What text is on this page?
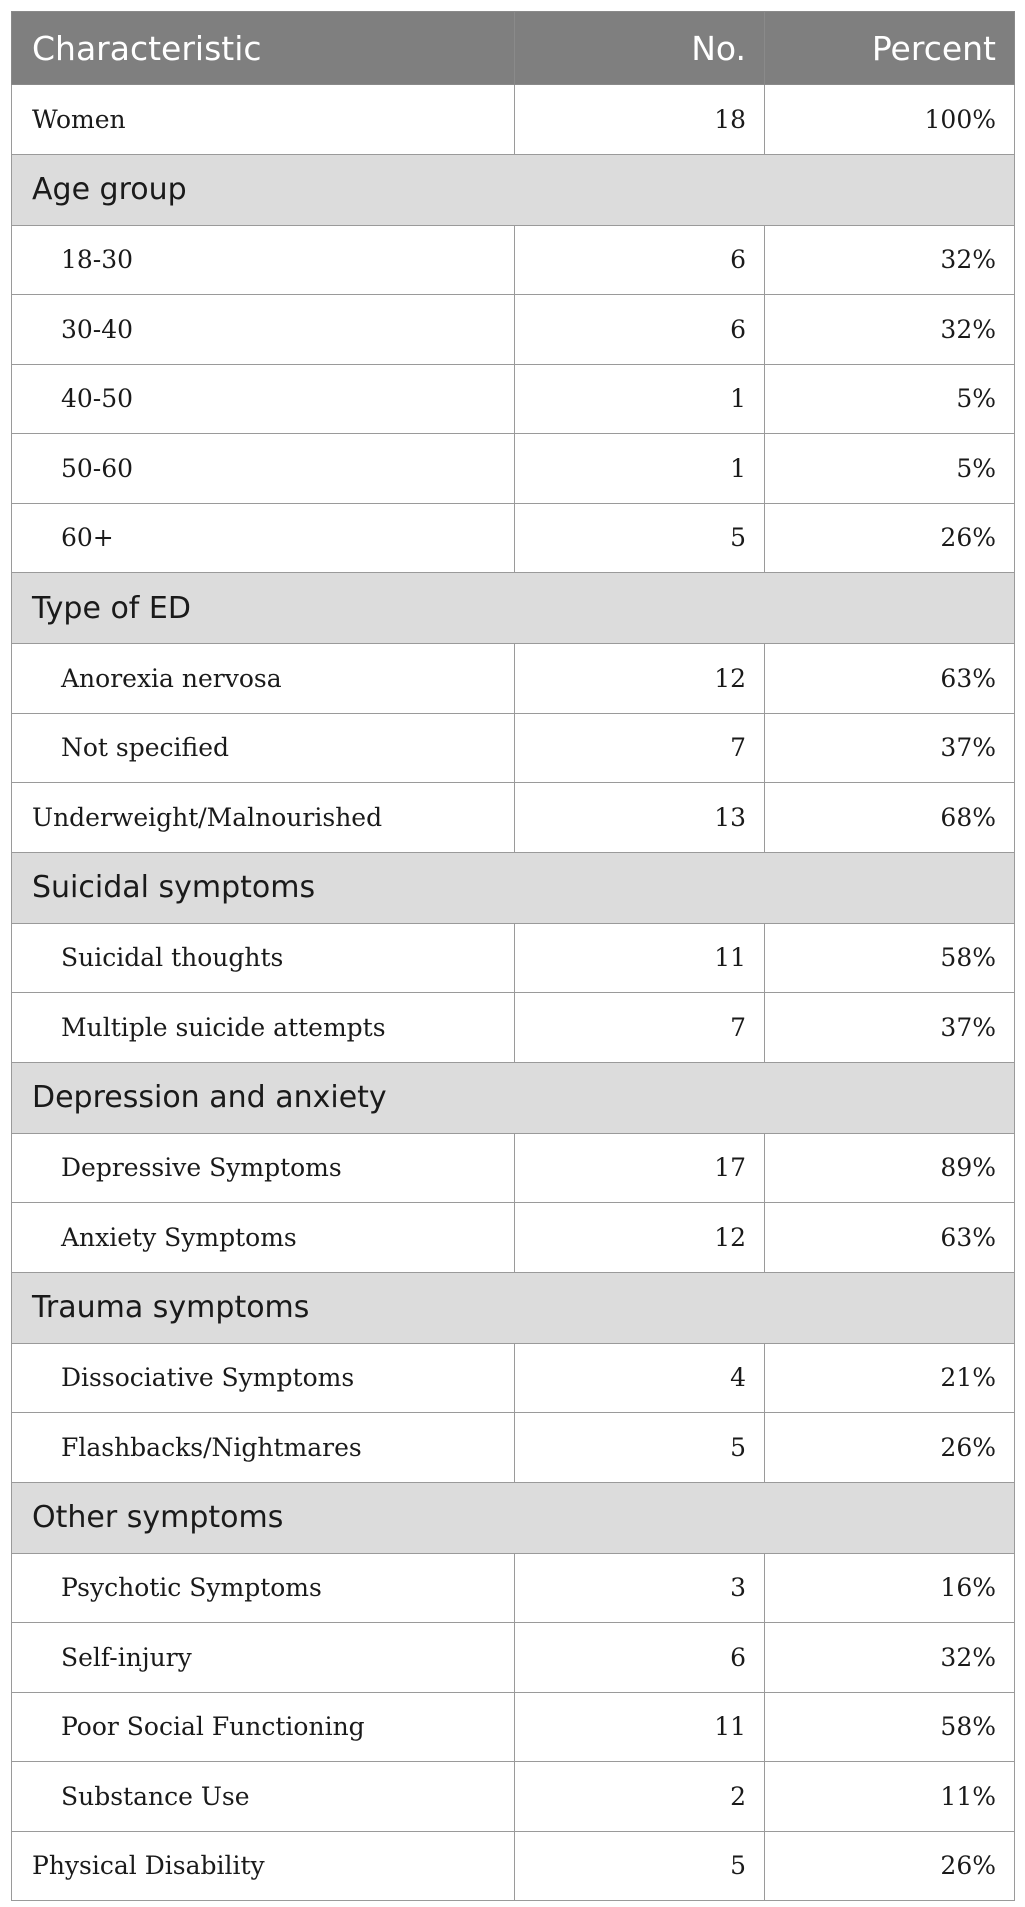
Characteristic	No.	Percent
Women	18	100%
Age group		
18-30	6	32%
30-40	6	32%
40-50	1	5%
50-60	1	5%
60+	5	26%
Type of ED		
Anorexia nervosa	12	63%
Not specified	7	37%
Underweight/Malnourished	13	68%
Suicidal symptoms		
Suicidal thoughts	11	58%
Multiple suicide attempts	7	37%
Depression and anxiety		
Depressive Symptoms	17	89%
Anxiety Symptoms	12	63%
Trauma symptoms		
Dissociative Symptoms	4	21%
Flashbacks/Nightmares	5	26%
Other symptoms		
Psychotic Symptoms	3	16%
Self-injury	6	32%
Poor Social Functioning	11	58%
Substance Use	2	11%
Physical Disability	5	26%
